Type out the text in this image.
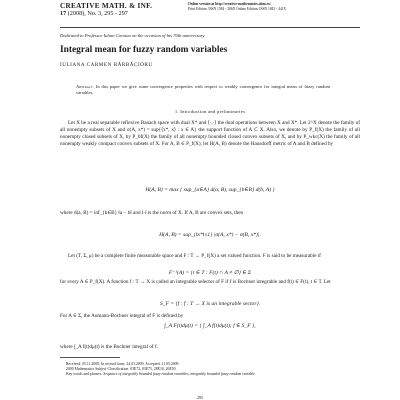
CREATIVE MATH. & INF.
17 (2008), No. 3, 295 - 297
Online version at http://creative-mathematics.ubm.ro/
Print Edition: ISSN 1584 - 286X Online Edition: ISSN 1843 - 441X
Dedicated to Professor Iulian Coroian on the occasion of his 70th anniversary
Integral mean for fuzzy random variables
IULIANA CARMEN BĂRBĂCIORU
Abstract. In this paper we give some convergence properties with respect to weakly convergence for integral mean of fuzzy random variables.
1. Introduction and preliminaries
Let X be a real separable reflexive Banach space with dual X* and ⟨·,·⟩ the dual operations between X and X*. Let 2^X denote the family of all nonempty subsets of X and σ(A, x*) = sup{⟨x*, x⟩ : x ∈ A} the support function of A ⊂ X. Also, we denote by P_f(X) the family of all nonempty closed subsets of X, by P_bf(X) the family of all nonempty bounded closed convex subsets of X, and by P_wkc(X) the family of all nonempty weakly compact convex subsets of X. For A, B ∈ P_f(X), let H(A, B) denote the Hausdorff metric of A and B defined by
H(A, B) = max { sup_{a∈A} d(a, B), sup_{b∈B} d(b, A) }
where d(a, B) = inf_{b∈B} ‖a − b‖ and ‖·‖ is the norm of X. If A, B are convex sets, then
H(A, B) = sup_{‖x*‖≤1} |σ(A, x*) − σ(B, x*)|.
Let (T, Σ, μ) be a complete finite measurable space and F : T → P_f(X) a set valued function. F is said to be measurable if
F⁻¹(A) = {t ∈ T : F(t) ∩ A ≠ ∅} ∈ Σ
for every A ∈ P_f(X). A function f : T → X is called an integrable selector of F if f is Bochner integrable and f(t) ∈ F(t), t ∈ T. Let
S_F = {f : f : T → X is an integrable sector}.
For A ∈ Σ, the Aumann-Bochner integral of F is defined by
∫_A F(t)dμ(t) = { ∫_A f(t)dμ(t); f ∈ S_F },
where ∫_A f(t)dμ(t) is the Bochner integral of f.
Received: 05.11.2008. In revised form: 24.03.2009. Accepted: 11.05.2009.
2000 Mathematics Subject Classification. 03E72, 03E75, 28E10, 26E50.
Key words and phrases. Sequence of integrably bounded fuzzy random variables, integrably bounded fuzzy random variable.
295
